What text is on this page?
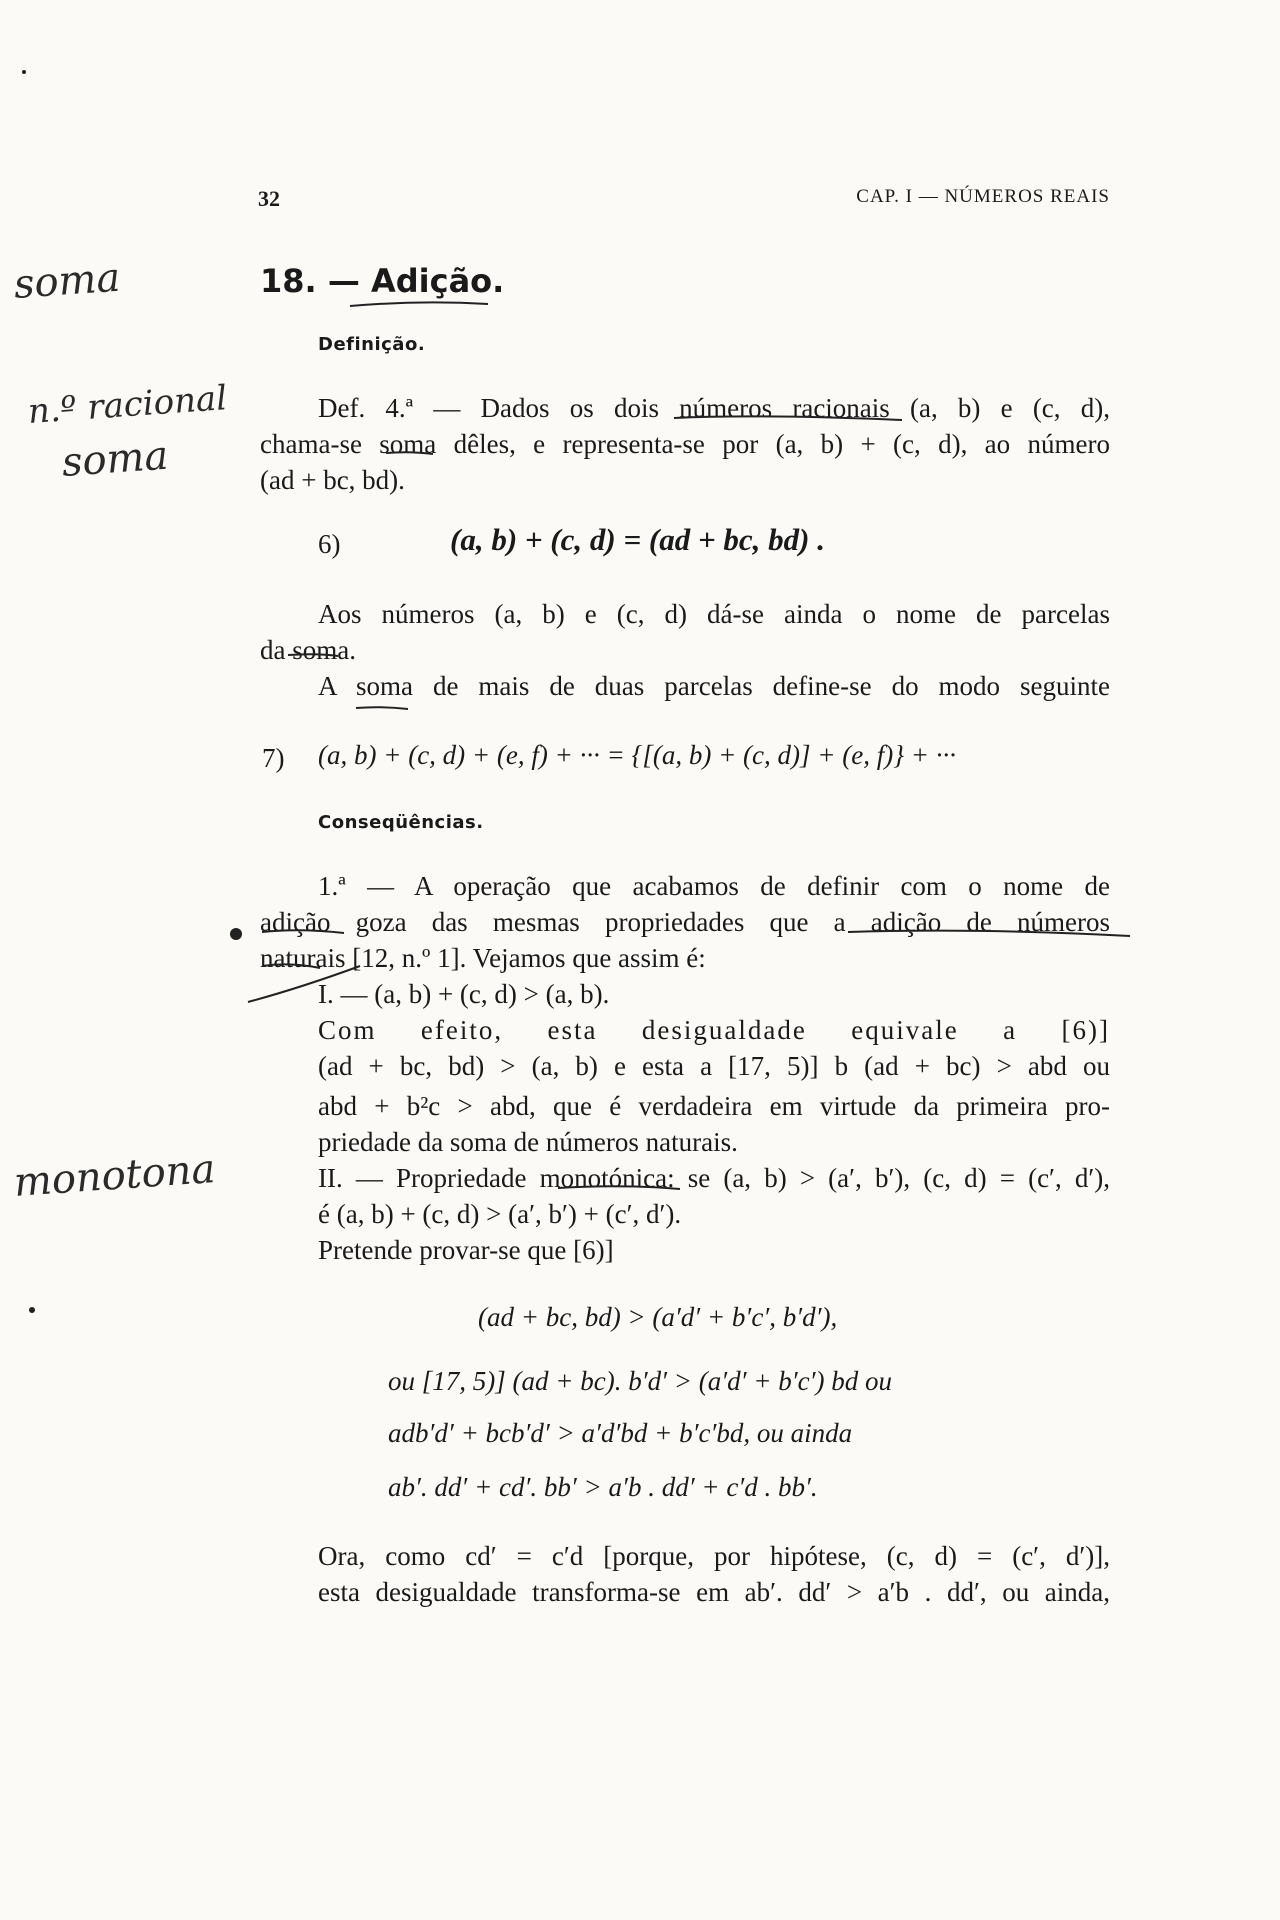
32	CAP. I — NÚMEROS REAIS
18. — Adição.
Definição.
Def. 4.ª — Dados os dois números racionais (a, b) e (c, d),
chama-se soma dêles, e representa-se por (a, b) + (c, d), ao número
(ad + bc, bd).
6)	(a, b) + (c, d) = (ad + bc, bd) .
Aos números (a, b) e (c, d) dá-se ainda o nome de parcelas
da soma.
A soma de mais de duas parcelas define-se do modo seguinte
7) (a, b) + (c, d) + (e, f) + ··· = {[(a, b) + (c, d)] + (e, f)} + ···
Conseqüências.
1.ª — A operação que acabamos de definir com o nome de
adição goza das mesmas propriedades que a adição de números
naturais [12, n.º 1]. Vejamos que assim é:
I. — (a, b) + (c, d) > (a, b).
Com efeito, esta desigualdade equivale a [6)]
(ad + bc, bd) > (a, b) e esta a [17, 5)] b (ad + bc) > abd ou
abd + b²c > abd, que é verdadeira em virtude da primeira pro-
priedade da soma de números naturais.
II. — Propriedade monotónica: se (a, b) > (a′, b′), (c, d) = (c′, d′),
é (a, b) + (c, d) > (a′, b′) + (c′, d′).
Pretende provar-se que [6)]
(ad + bc, bd) > (a′d′ + b′c′, b′d′),
ou [17, 5)] (ad + bc). b′d′ > (a′d′ + b′c′) bd ou
adb′d′ + bcb′d′ > a′d′bd + b′c′bd, ou ainda
ab′. dd′ + cd′. bb′ > a′b . dd′ + c′d . bb′.
Ora, como cd′ = c′d [porque, por hipótese, (c, d) = (c′, d′)],
esta desigualdade transforma-se em ab′. dd′ > a′b . dd′, ou ainda,
soma
n.º racional
soma
monotona
